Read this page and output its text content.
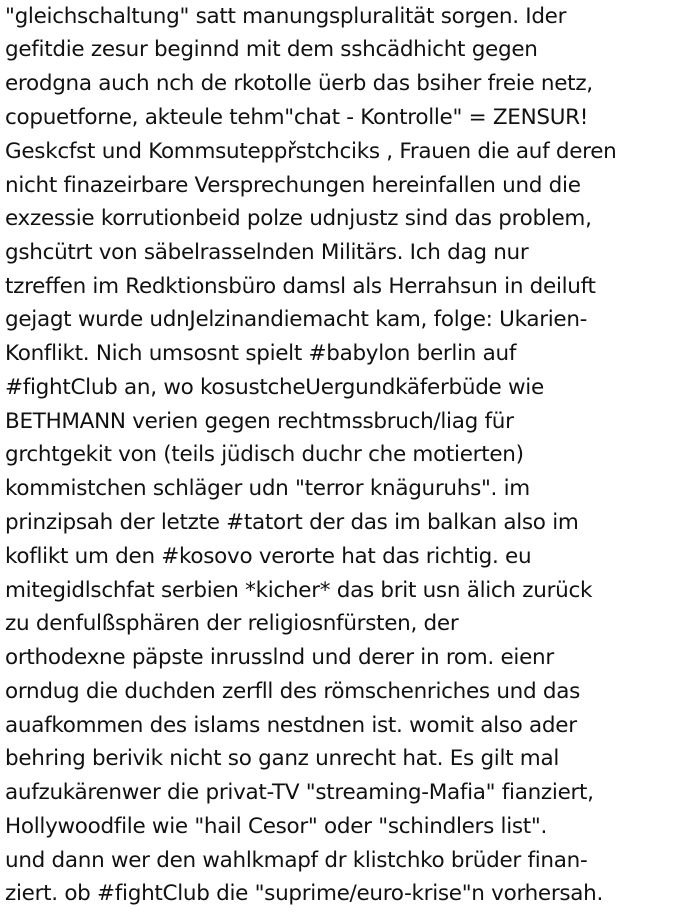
"gleichschaltung" satt manungspluralität sorgen. Ider

gefitdie zesur beginnd mit dem sshcädhicht gegen

erodgna auch nch de rkotolle üerb das bsiher freie netz,

copuetforne, akteule tehm"chat - Kontrolle" = ZENSUR!

Geskcfst und Kommsuteppřstchciks , Frauen die auf deren

nicht finazeirbare Versprechungen hereinfallen und die

exzessie korrutionbeid polze udnjustz sind das problem,

gshcütrt von säbelrasselnden Militärs. Ich dag nur

tzreffen im Redktionsbüro damsl als Herrahsun in deiluft

gejagt wurde udnJelzinandiemacht kam, folge: Ukarien-

Konflikt. Nich umsosnt spielt #babylon berlin auf

#fightClub an, wo kosustcheUergundkäferbüde wie

BETHMANN verien gegen rechtmssbruch/liag für

grchtgekit von (teils jüdisch duchr che motierten)

kommistchen schläger udn "terror knäguruhs". im

prinzipsah der letzte #tatort der das im balkan also im

koflikt um den #kosovo verorte hat das richtig. eu

mitegidlschfat serbien *kicher* das brit usn älich zurück

zu denfulßsphären der religiosnfürsten, der

orthodexne päpste inrusslnd und derer in rom. eienr

orndug die duchden zerfll des römschenriches und das

auafkommen des islams nestdnen ist. womit also ader

behring berivik nicht so ganz unrecht hat. Es gilt mal

aufzukärenwer die privat-TV "streaming-Mafia" fianziert,

Hollywoodfile wie "hail Cesor" oder "schindlers list".

und dann wer den wahlkmapf dr klistchko brüder finan-

ziert. ob #fightClub die "suprime/euro-krise"n vorhersah.
